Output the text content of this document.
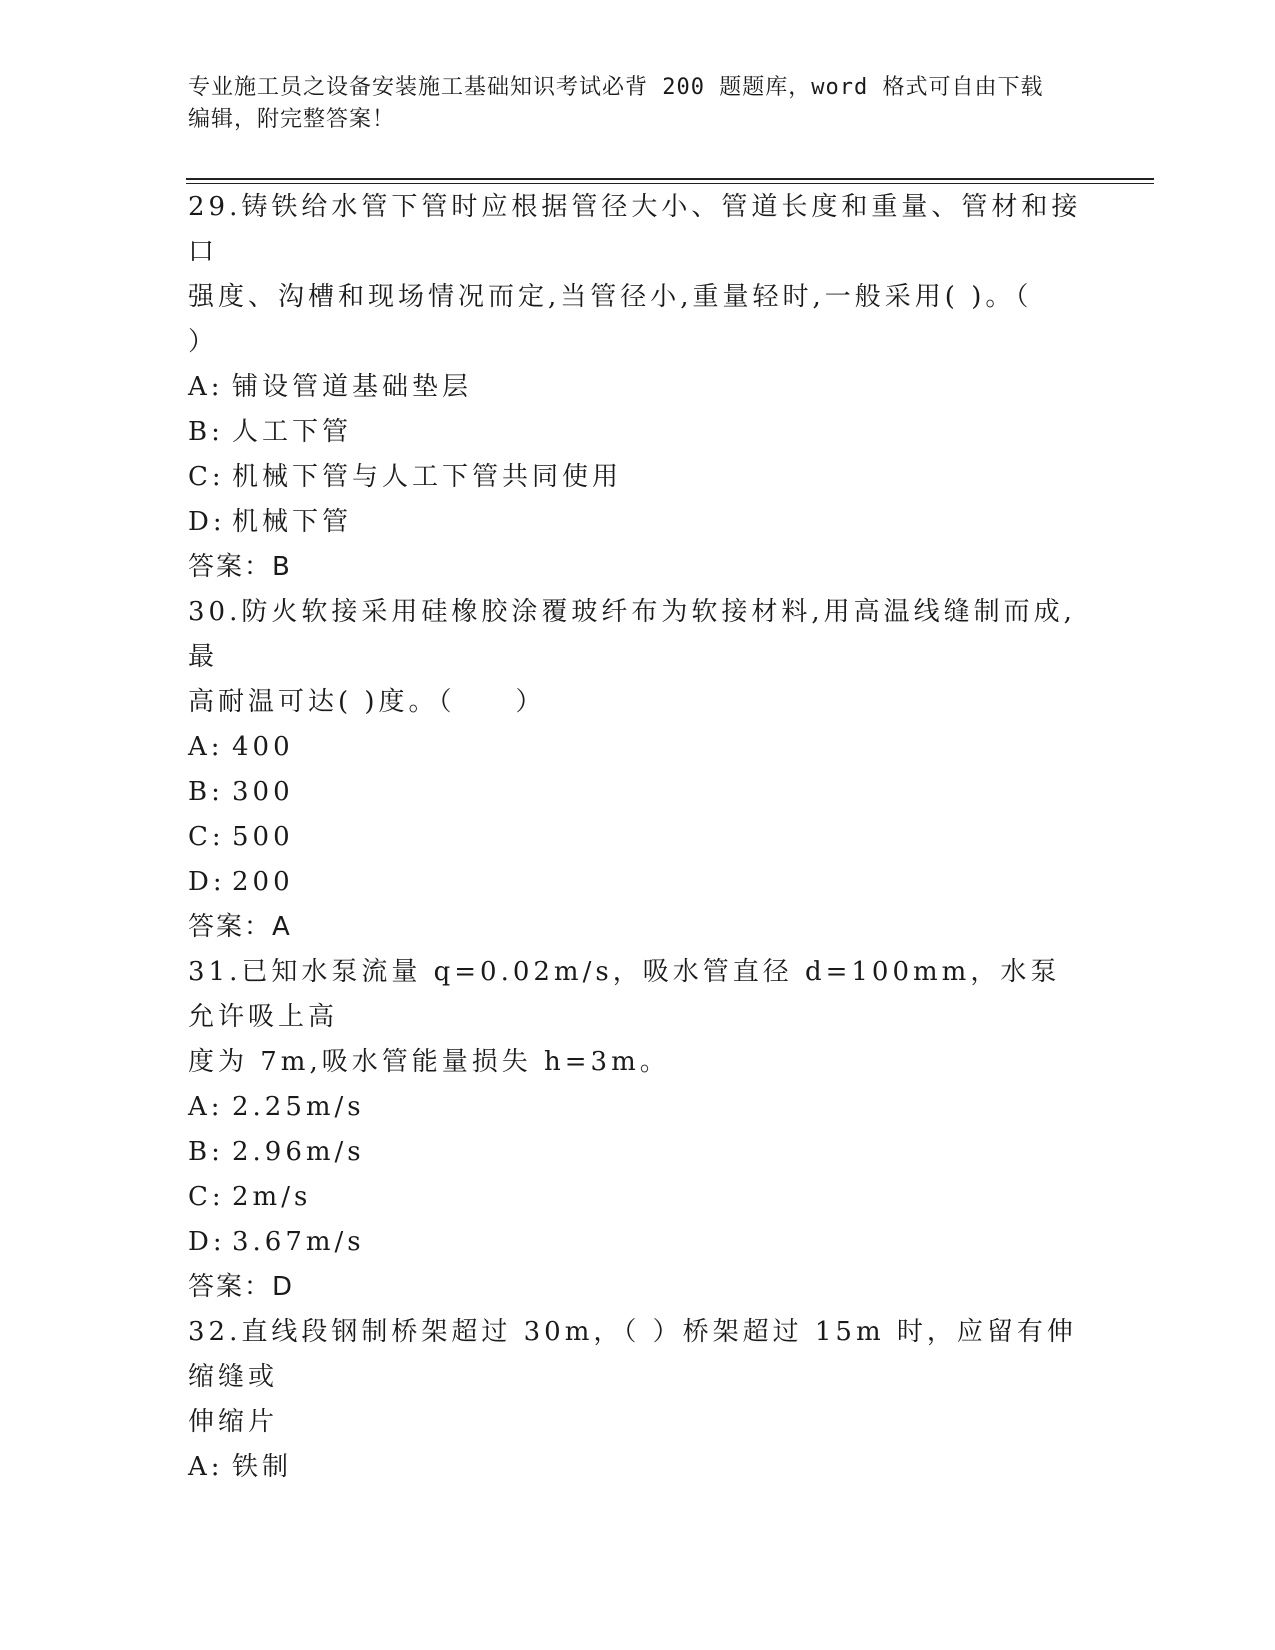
专业施工员之设备安装施工基础知识考试必背 200 题题库，word 格式可自由下载
编辑，附完整答案！

29.铸铁给水管下管时应根据管径大小、管道长度和重量、管材和接口

强度、沟槽和现场情况而定,当管径小,重量轻时,一般采用( )。（

）

A: 铺设管道基础垫层

B: 人工下管

C: 机械下管与人工下管共同使用

D: 机械下管

答案：B

30.防火软接采用硅橡胶涂覆玻纤布为软接材料,用高温线缝制而成,最

高耐温可达( )度。（　　）

A: 400

B: 300

C: 500

D: 200

答案：A

31.已知水泵流量 q=0.02m/s，吸水管直径 d=100mm，水泵允许吸上高

度为 7m,吸水管能量损失 h=3m。

A: 2.25m/s

B: 2.96m/s

C: 2m/s

D: 3.67m/s

答案：D

32.直线段钢制桥架超过 30m，（ ）桥架超过 15m 时，应留有伸缩缝或

伸缩片

A: 铁制
